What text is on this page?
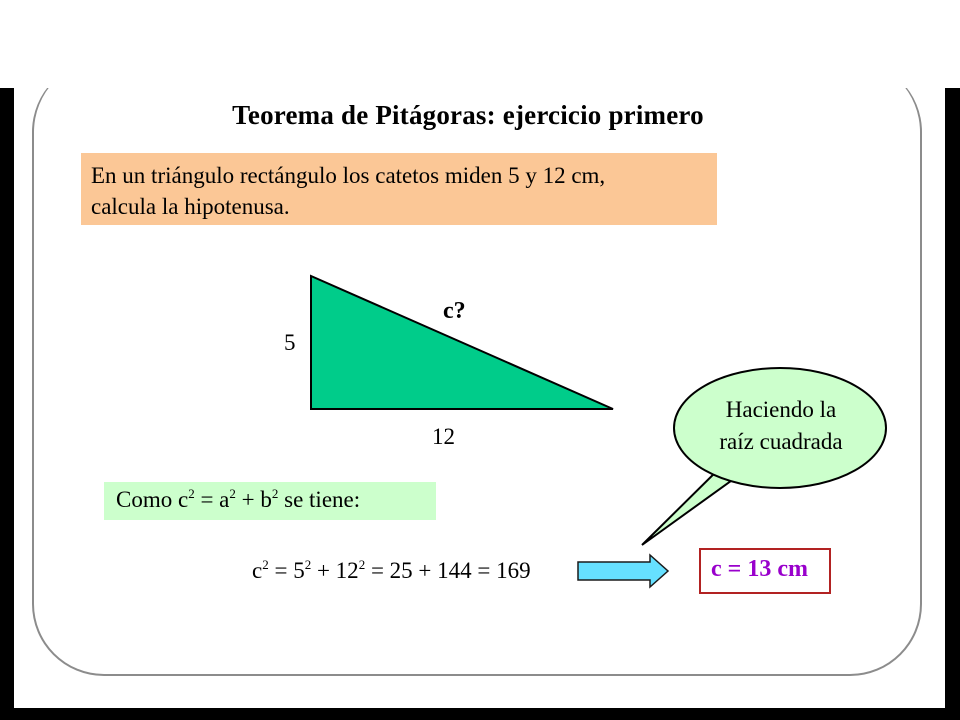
Teorema de Pitágoras: ejercicio primero
En un triángulo rectángulo los catetos miden 5 y 12 cm,
calcula la hipotenusa.
c?
5
12
Como $c^2 = a^2 + b^2$ se tiene:
$c^2 = 5^2 + 12^2 = 25 + 144 = 169$
Haciendo la
raíz cuadrada
c = 13 cm
